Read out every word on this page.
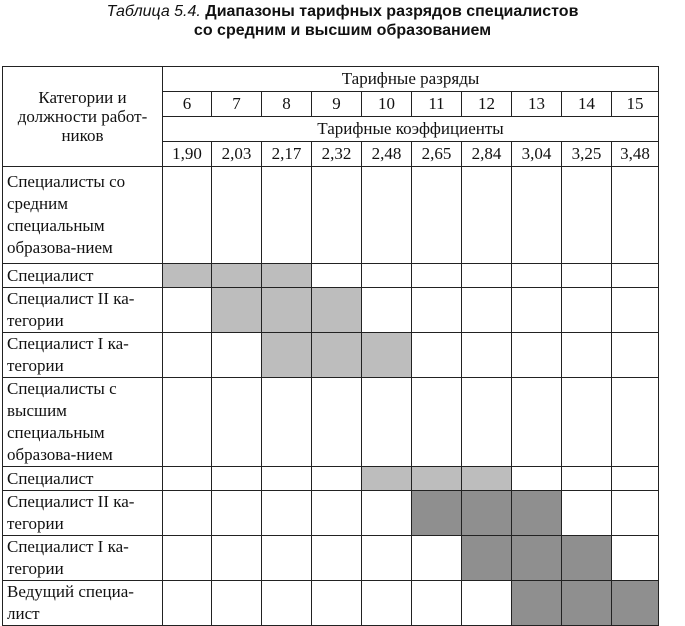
Таблица 5.4. Диапазоны тарифных разрядов специалистов
со средним и высшим образованием
Категории и должности работ-ников	Тарифные разряды									
	6	7	8	9	10	11	12	13	14	15
	Тарифные коэффициенты									
	1,90	2,03	2,17	2,32	2,48	2,65	2,84	3,04	3,25	3,48
Специалисты со средним специальным образова-нием										
Специалист										
Специалист II ка-тегории										
Специалист I ка-тегории										
Специалисты с высшим специальным образова-нием										
Специалист										
Специалист II ка-тегории										
Специалист I ка-тегории										
Ведущий специа-лист										
